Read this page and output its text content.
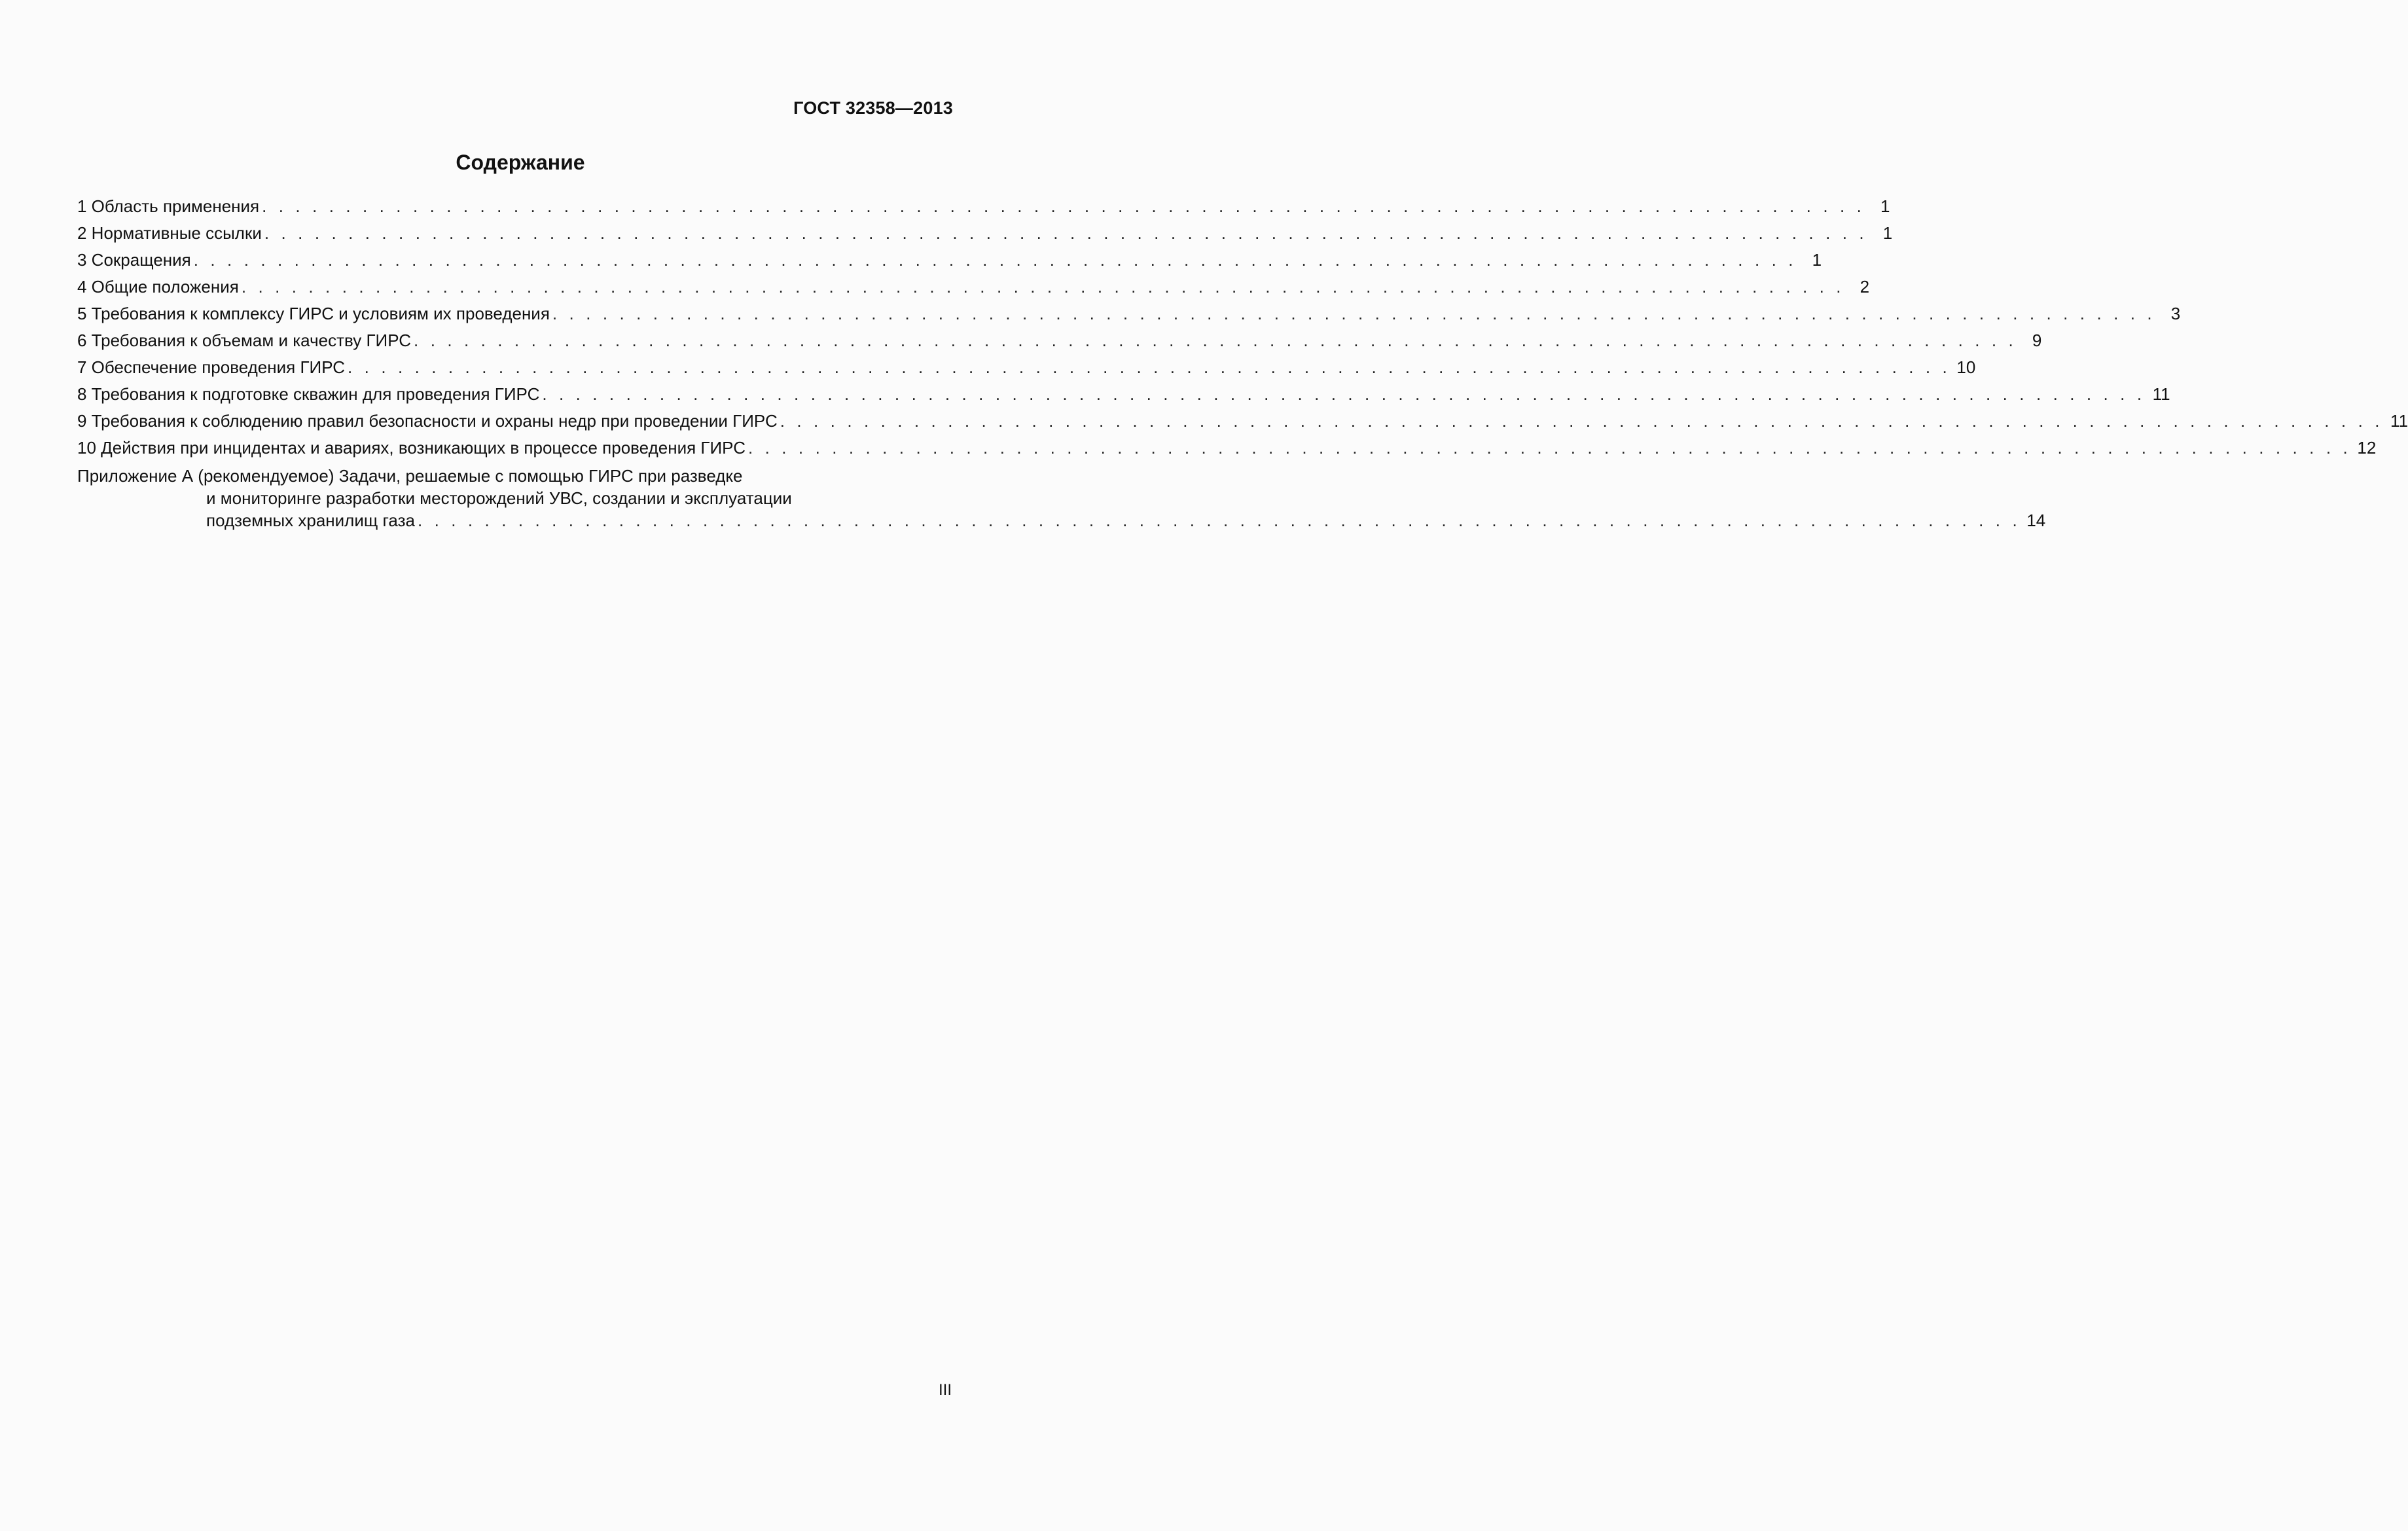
ГОСТ 32358—2013
Содержание
1 Область применения . . . . . . . . . . . . . . . . . . . . . . . . . . . . . . . . . . . . . . . . . . . . . . . . . . . . . . . . . . . . . . . . . . . . . . . . . . . . . . . . . . . . . . . . . . . . . . . . 1
2 Нормативные ссылки . . . . . . . . . . . . . . . . . . . . . . . . . . . . . . . . . . . . . . . . . . . . . . . . . . . . . . . . . . . . . . . . . . . . . . . . . . . . . . . . . . . . . . . . . . . . . . . . 1
3 Сокращения . . . . . . . . . . . . . . . . . . . . . . . . . . . . . . . . . . . . . . . . . . . . . . . . . . . . . . . . . . . . . . . . . . . . . . . . . . . . . . . . . . . . . . . . . . . . . . . . 1
4 Общие положения . . . . . . . . . . . . . . . . . . . . . . . . . . . . . . . . . . . . . . . . . . . . . . . . . . . . . . . . . . . . . . . . . . . . . . . . . . . . . . . . . . . . . . . . . . . . . . . . 2
5 Требования к комплексу ГИРС и условиям их проведения . . . . . . . . . . . . . . . . . . . . . . . . . . . . . . . . . . . . . . . . . . . . . . . . . . . . . . . . . . . . . . . . . . . . . . . . . . . . . . . . . . . . . . . . . . . . . . . . 3
6 Требования к объемам и качеству ГИРС . . . . . . . . . . . . . . . . . . . . . . . . . . . . . . . . . . . . . . . . . . . . . . . . . . . . . . . . . . . . . . . . . . . . . . . . . . . . . . . . . . . . . . . . . . . . . . . . 9
7 Обеспечение проведения ГИРС . . . . . . . . . . . . . . . . . . . . . . . . . . . . . . . . . . . . . . . . . . . . . . . . . . . . . . . . . . . . . . . . . . . . . . . . . . . . . . . . . . . . . . . . . . . . . . . . 10
8 Требования к подготовке скважин для проведения ГИРС . . . . . . . . . . . . . . . . . . . . . . . . . . . . . . . . . . . . . . . . . . . . . . . . . . . . . . . . . . . . . . . . . . . . . . . . . . . . . . . . . . . . . . . . . . . . . . . . 11
9 Требования к соблюдению правил безопасности и охраны недр при проведении ГИРС . . . . . . . . . . . . . . . . . . . . . . . . . . . . . . . . . . . . . . . . . . . . . . . . . . . . . . . . . . . . . . . . . . . . . . . . . . . . . . . . . . . . . . . . . . . . . . . . 11
10 Действия при инцидентах и авариях, возникающих в процессе проведения ГИРС . . . . . . . . . . . . . . . . . . . . . . . . . . . . . . . . . . . . . . . . . . . . . . . . . . . . . . . . . . . . . . . . . . . . . . . . . . . . . . . . . . . . . . . . . . . . . . . . 12
Приложение А (рекомендуемое) Задачи, решаемые с помощью ГИРС при разведке
и мониторинге разработки месторождений УВС, создании и эксплуатации
подземных хранилищ газа . . . . . . . . . . . . . . . . . . . . . . . . . . . . . . . . . . . . . . . . . . . . . . . . . . . . . . . . . . . . . . . . . . . . . . . . . . . . . . . . . . . . . . . . . . . . . . . . 14
III
